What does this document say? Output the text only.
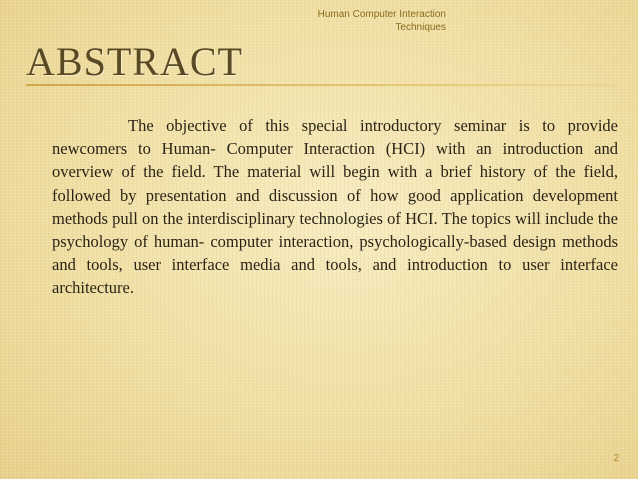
Human Computer Interaction
Techniques
ABSTRACT

The objective of this special introductory seminar is to provide newcomers to Human- Computer Interaction (HCI) with an introduction and overview of the field. The material will begin with a brief history of the field, followed by presentation and discussion of how good application development methods pull on the interdisciplinary technologies of HCI. The topics will include the psychology of human- computer interaction, psychologically-based design methods and tools, user interface media and tools, and introduction to user interface architecture.

2
